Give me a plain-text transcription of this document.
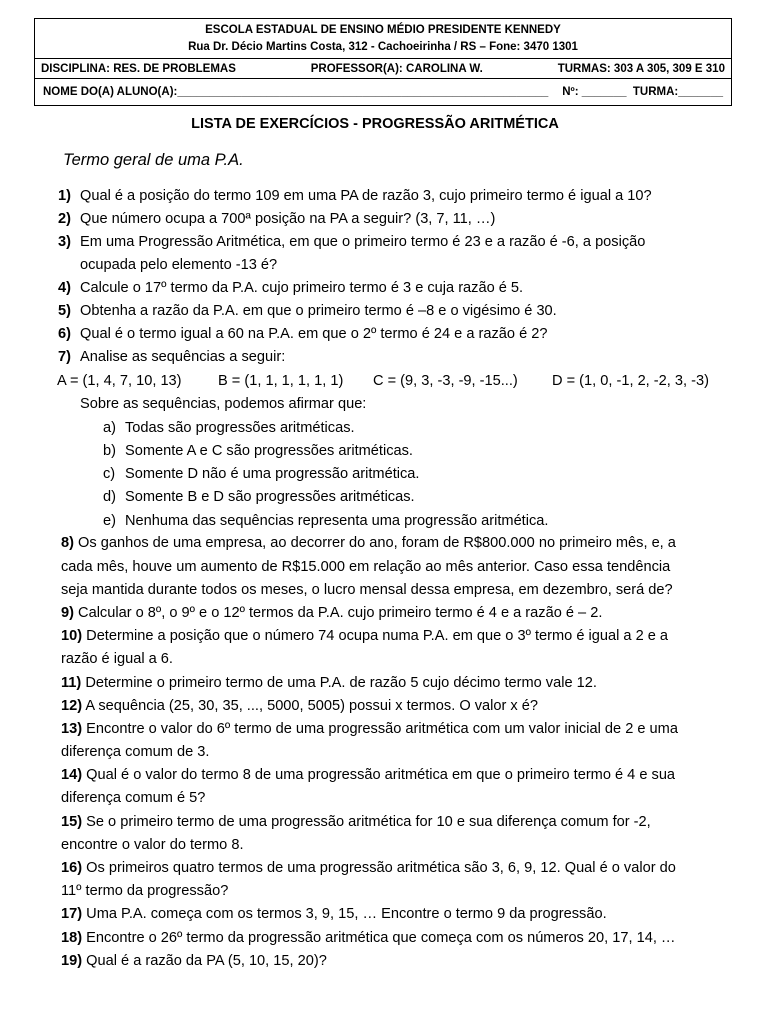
ESCOLA ESTADUAL DE ENSINO MÉDIO PRESIDENTE KENNEDY
Rua Dr. Décio Martins Costa, 312 - Cachoeirinha / RS – Fone: 3470 1301
DISCIPLINA: RES. DE PROBLEMAS	PROFESSOR(A): CAROLINA W.	TURMAS: 303 A 305, 309 E 310
NOME DO(A) ALUNO(A):__________________________________________________________ Nº: _______  TURMA:_______
LISTA DE EXERCÍCIOS - PROGRESSÃO ARITMÉTICA
Termo geral de uma P.A.
1) Qual é a posição do termo 109 em uma PA de razão 3, cujo primeiro termo é igual a 10?
2) Que número ocupa a 700ª posição na PA a seguir? (3, 7, 11, …)
3) Em uma Progressão Aritmética, em que o primeiro termo é 23 e a razão é -6, a posição
ocupada pelo elemento -13 é?
4) Calcule o 17º termo da P.A. cujo primeiro termo é 3 e cuja razão é 5.
5) Obtenha a razão da P.A. em que o primeiro termo é –8 e o vigésimo é 30.
6) Qual é o termo igual a 60 na P.A. em que o 2º termo é 24 e a razão é 2?
7) Analise as sequências a seguir:
A = (1, 4, 7, 10, 13) B = (1, 1, 1, 1, 1, 1) C = (9, 3, -3, -9, -15...) D = (1, 0, -1, 2, -2, 3, -3)
Sobre as sequências, podemos afirmar que:
a) Todas são progressões aritméticas.
b) Somente A e C são progressões aritméticas.
c) Somente D não é uma progressão aritmética.
d) Somente B e D são progressões aritméticas.
e) Nenhuma das sequências representa uma progressão aritmética.
8) Os ganhos de uma empresa, ao decorrer do ano, foram de R$800.000 no primeiro mês, e, a
cada mês, houve um aumento de R$15.000 em relação ao mês anterior. Caso essa tendência
seja mantida durante todos os meses, o lucro mensal dessa empresa, em dezembro, será de?
9) Calcular o 8º, o 9º e o 12º termos da P.A. cujo primeiro termo é 4 e a razão é – 2.
10) Determine a posição que o número 74 ocupa numa P.A. em que o 3º termo é igual a 2 e a
razão é igual a 6.
11) Determine o primeiro termo de uma P.A. de razão 5 cujo décimo termo vale 12.
12) A sequência (25, 30, 35, ..., 5000, 5005) possui x termos. O valor x é?
13) Encontre o valor do 6º termo de uma progressão aritmética com um valor inicial de 2 e uma
diferença comum de 3.
14) Qual é o valor do termo 8 de uma progressão aritmética em que o primeiro termo é 4 e sua
diferença comum é 5?
15) Se o primeiro termo de uma progressão aritmética for 10 e sua diferença comum for -2,
encontre o valor do termo 8.
16) Os primeiros quatro termos de uma progressão aritmética são 3, 6, 9, 12. Qual é o valor do
11º termo da progressão?
17) Uma P.A. começa com os termos 3, 9, 15, … Encontre o termo 9 da progressão.
18) Encontre o 26º termo da progressão aritmética que começa com os números 20, 17, 14, …
19) Qual é a razão da PA (5, 10, 15, 20)?
